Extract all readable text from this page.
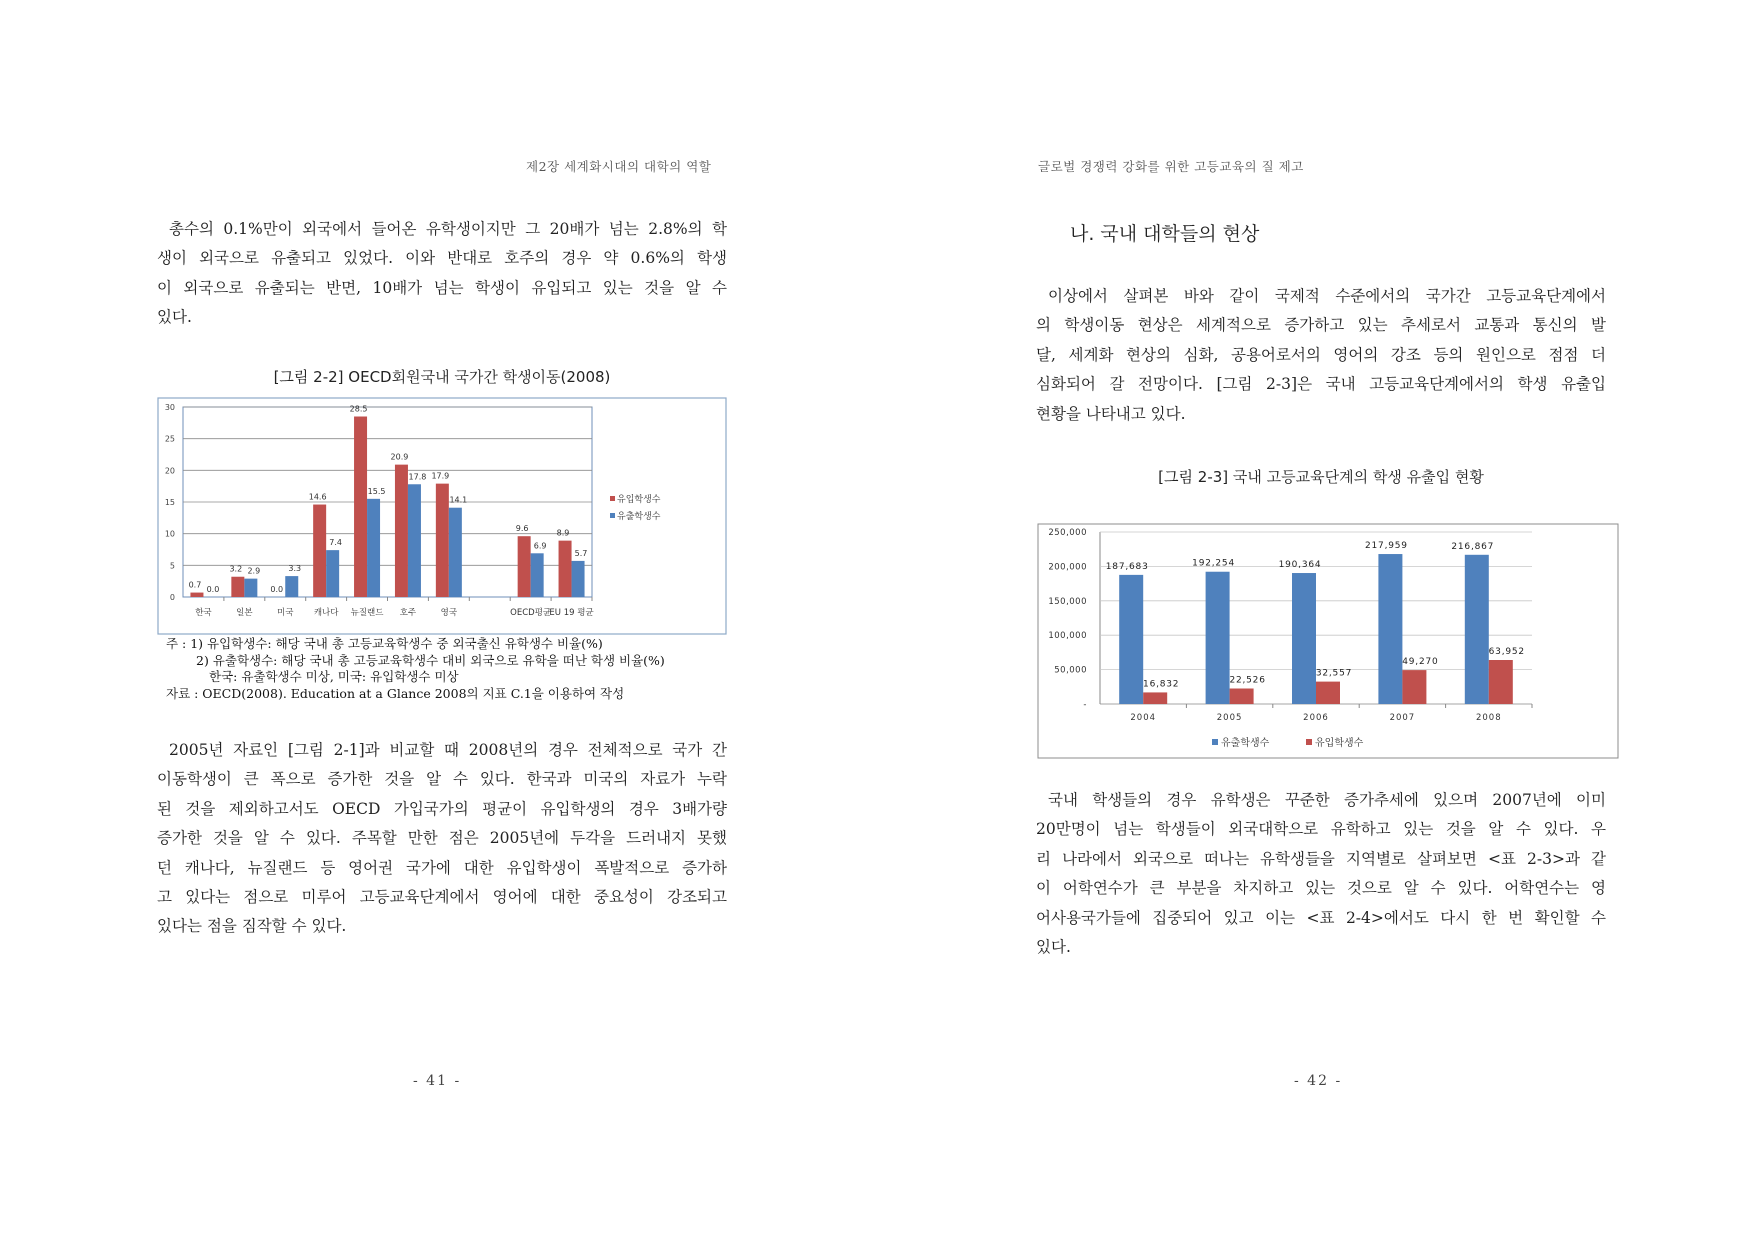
제2장 세계화시대의 대학의 역할
총수의 0.1%만이 외국에서 들어온 유학생이지만 그 20배가 넘는 2.8%의 학
생이 외국으로 유출되고 있었다. 이와 반대로 호주의 경우 약 0.6%의 학생
이 외국으로 유출되는 반면, 10배가 넘는 학생이 유입되고 있는 것을 알 수
있다.
[그림 2-2] OECD회원국내 국가간 학생이동(2008)
0
5
10
15
20
25
30
한국
0.7 0.0
일본
3.2 2.9
미국
0.0
3.3
캐나다
14.6
7.4
뉴질랜드
28.5
15.5
호주
20.9
17.8
영국
17.9
14.1
OECD평균
9.6
6.9
EU 19 평균
8.9
5.7
유입학생수
유출학생수
주 : 1) 유입학생수: 해당 국내 총 고등교육학생수 중 외국출신 유학생수 비율(%)
2) 유출학생수: 해당 국내 총 고등교육학생수 대비 외국으로 유학을 떠난 학생 비율(%)
한국: 유출학생수 미상, 미국: 유입학생수 미상
자료 : OECD(2008). Education at a Glance 2008의 지표 C.1을 이용하여 작성
2005년 자료인 [그림 2-1]과 비교할 때 2008년의 경우 전체적으로 국가 간
이동학생이 큰 폭으로 증가한 것을 알 수 있다. 한국과 미국의 자료가 누락
된 것을 제외하고서도 OECD 가입국가의 평균이 유입학생의 경우 3배가량
증가한 것을 알 수 있다. 주목할 만한 점은 2005년에 두각을 드러내지 못했
던 캐나다, 뉴질랜드 등 영어권 국가에 대한 유입학생이 폭발적으로 증가하
고 있다는 점으로 미루어 고등교육단계에서 영어에 대한 중요성이 강조되고
있다는 점을 짐작할 수 있다.
- 41 -
글로벌 경쟁력 강화를 위한 고등교육의 질 제고
나. 국내 대학들의 현상
이상에서 살펴본 바와 같이 국제적 수준에서의 국가간 고등교육단계에서
의 학생이동 현상은 세계적으로 증가하고 있는 추세로서 교통과 통신의 발
달, 세계화 현상의 심화, 공용어로서의 영어의 강조 등의 원인으로 점점 더
심화되어 갈 전망이다. [그림 2-3]은 국내 고등교육단계에서의 학생 유출입
현황을 나타내고 있다.
[그림 2-3] 국내 고등교육단계의 학생 유출입 현황
-
50,000
100,000
150,000
200,000
250,000
2004
187,683
16,832
2005
192,254
22,526
2006
190,364
32,557
2007
217,959
49,270
2008
216,867
63,952
유출학생수	유입학생수
국내 학생들의 경우 유학생은 꾸준한 증가추세에 있으며 2007년에 이미
20만명이 넘는 학생들이 외국대학으로 유학하고 있는 것을 알 수 있다. 우
리 나라에서 외국으로 떠나는 유학생들을 지역별로 살펴보면 <표 2-3>과 같
이 어학연수가 큰 부분을 차지하고 있는 것으로 알 수 있다. 어학연수는 영
어사용국가들에 집중되어 있고 이는 <표 2-4>에서도 다시 한 번 확인할 수
있다.
- 42 -
